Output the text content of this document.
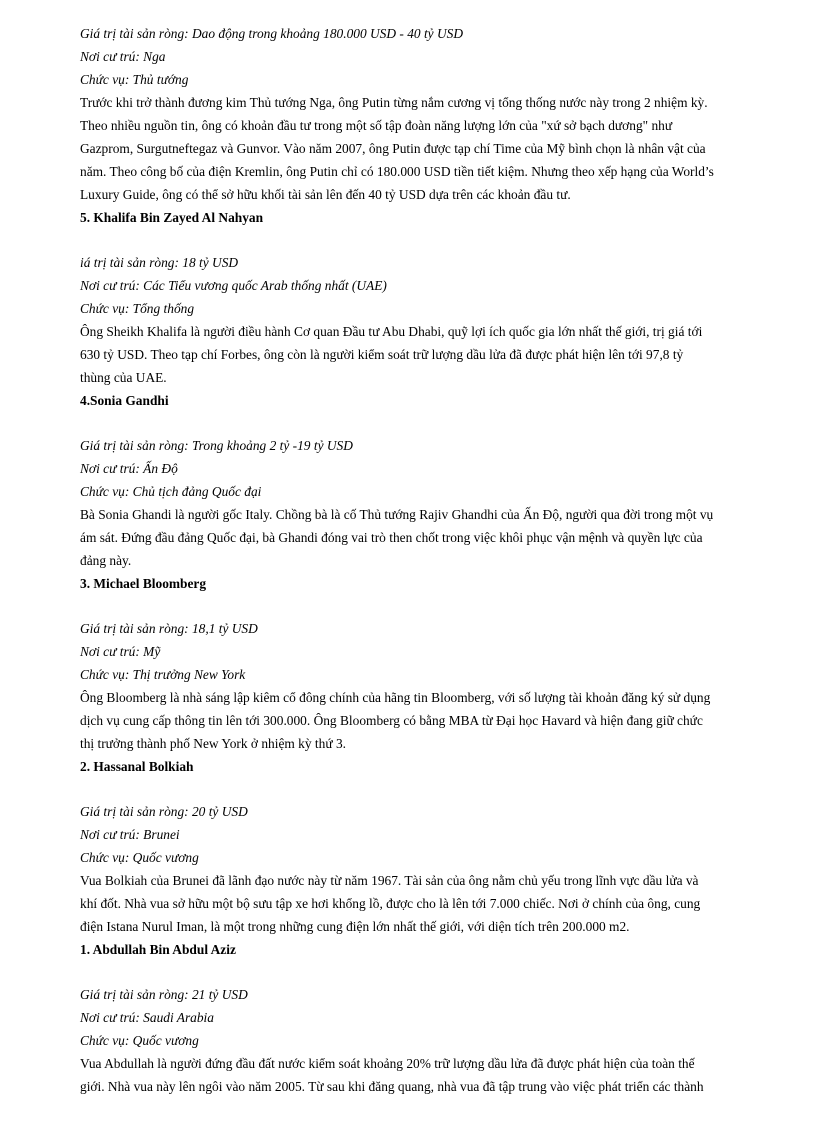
Giá trị tài sản ròng: Dao động trong khoảng 180.000 USD - 40 tỷ USD
Nơi cư trú: Nga
Chức vụ: Thủ tướng
Trước khi trở thành đương kim Thủ tướng Nga, ông Putin từng nắm cương vị tổng thống nước này trong 2 nhiệm kỳ.
Theo nhiều nguồn tin, ông có khoản đầu tư trong một số tập đoàn năng lượng lớn của "xứ sở bạch dương" như
Gazprom, Surgutneftegaz và Gunvor. Vào năm 2007, ông Putin được tạp chí Time của Mỹ bình chọn là nhân vật của
năm. Theo công bố của điện Kremlin, ông Putin chỉ có 180.000 USD tiền tiết kiệm. Nhưng theo xếp hạng của World’s
Luxury Guide, ông có thể sở hữu khối tài sản lên đến 40 tỷ USD dựa trên các khoản đầu tư.
5. Khalifa Bin Zayed Al Nahyan
iá trị tài sản ròng: 18 tỷ USD
Nơi cư trú: Các Tiểu vương quốc Arab thống nhất (UAE)
Chức vụ: Tổng thống
Ông Sheikh Khalifa là người điều hành Cơ quan Đầu tư Abu Dhabi, quỹ lợi ích quốc gia lớn nhất thế giới, trị giá tới
630 tỷ USD. Theo tạp chí Forbes, ông còn là người kiểm soát trữ lượng dầu lửa đã được phát hiện lên tới 97,8 tỷ
thùng của UAE.
4.Sonia Gandhi
Giá trị tài sản ròng: Trong khoảng 2 tỷ -19 tỷ USD
Nơi cư trú: Ấn Độ
Chức vụ: Chủ tịch đảng Quốc đại
Bà Sonia Ghandi là người gốc Italy. Chồng bà là cố Thủ tướng Rajiv Ghandhi của Ấn Độ, người qua đời trong một vụ
ám sát. Đứng đầu đảng Quốc đại, bà Ghandi đóng vai trò then chốt trong việc khôi phục vận mệnh và quyền lực của
đảng này.
3. Michael Bloomberg
Giá trị tài sản ròng: 18,1 tỷ USD
Nơi cư trú: Mỹ
Chức vụ: Thị trưởng New York
Ông Bloomberg là nhà sáng lập kiêm cổ đông chính của hãng tin Bloomberg, với số lượng tài khoản đăng ký sử dụng
dịch vụ cung cấp thông tin lên tới 300.000. Ông Bloomberg có bằng MBA từ Đại học Havard và hiện đang giữ chức
thị trưởng thành phố New York ở nhiệm kỳ thứ 3.
2. Hassanal Bolkiah
Giá trị tài sản ròng: 20 tỷ USD
Nơi cư trú: Brunei
Chức vụ: Quốc vương
Vua Bolkiah của Brunei đã lãnh đạo nước này từ năm 1967. Tài sản của ông nằm chủ yếu trong lĩnh vực dầu lửa và
khí đốt. Nhà vua sở hữu một bộ sưu tập xe hơi khổng lồ, được cho là lên tới 7.000 chiếc. Nơi ở chính của ông, cung
điện Istana Nurul Iman, là một trong những cung điện lớn nhất thế giới, với diện tích trên 200.000 m2.
1. Abdullah Bin Abdul Aziz
Giá trị tài sản ròng: 21 tỷ USD
Nơi cư trú: Saudi Arabia
Chức vụ: Quốc vương
Vua Abdullah là người đứng đầu đất nước kiểm soát khoảng 20% trữ lượng dầu lửa đã được phát hiện của toàn thế
giới. Nhà vua này lên ngôi vào năm 2005. Từ sau khi đăng quang, nhà vua đã tập trung vào việc phát triển các thành
